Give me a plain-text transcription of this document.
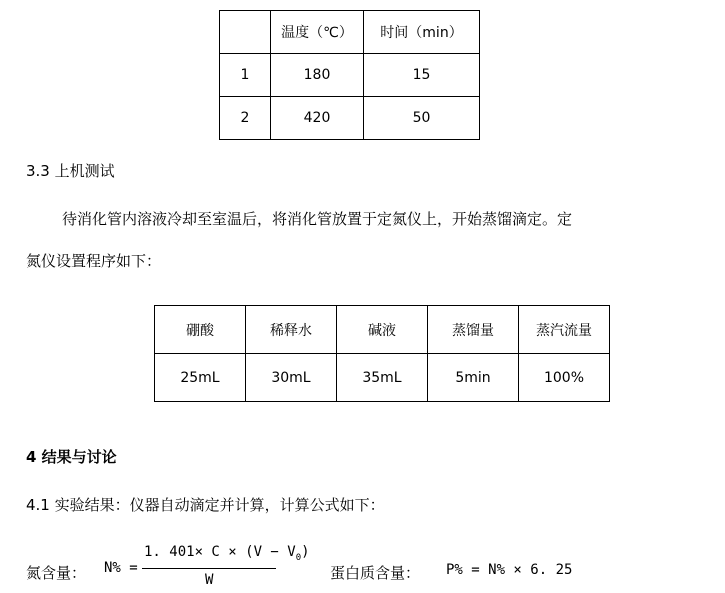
	温度（℃）	时间（min）
1	180	15
2	420	50
3.3 上机测试
待消化管内溶液冷却至室温后，将消化管放置于定氮仪上，开始蒸馏滴定。定
氮仪设置程序如下：
硼酸	稀释水	碱液	蒸馏量	蒸汽流量
25mL	30mL	35mL	5min	100%
4 结果与讨论
4.1 实验结果：仪器自动滴定并计算，计算公式如下：
氮含量： N% =
1. $401\times C \times (V - V_0)$
W	蛋白质含量： P% = N% × 6. 25
